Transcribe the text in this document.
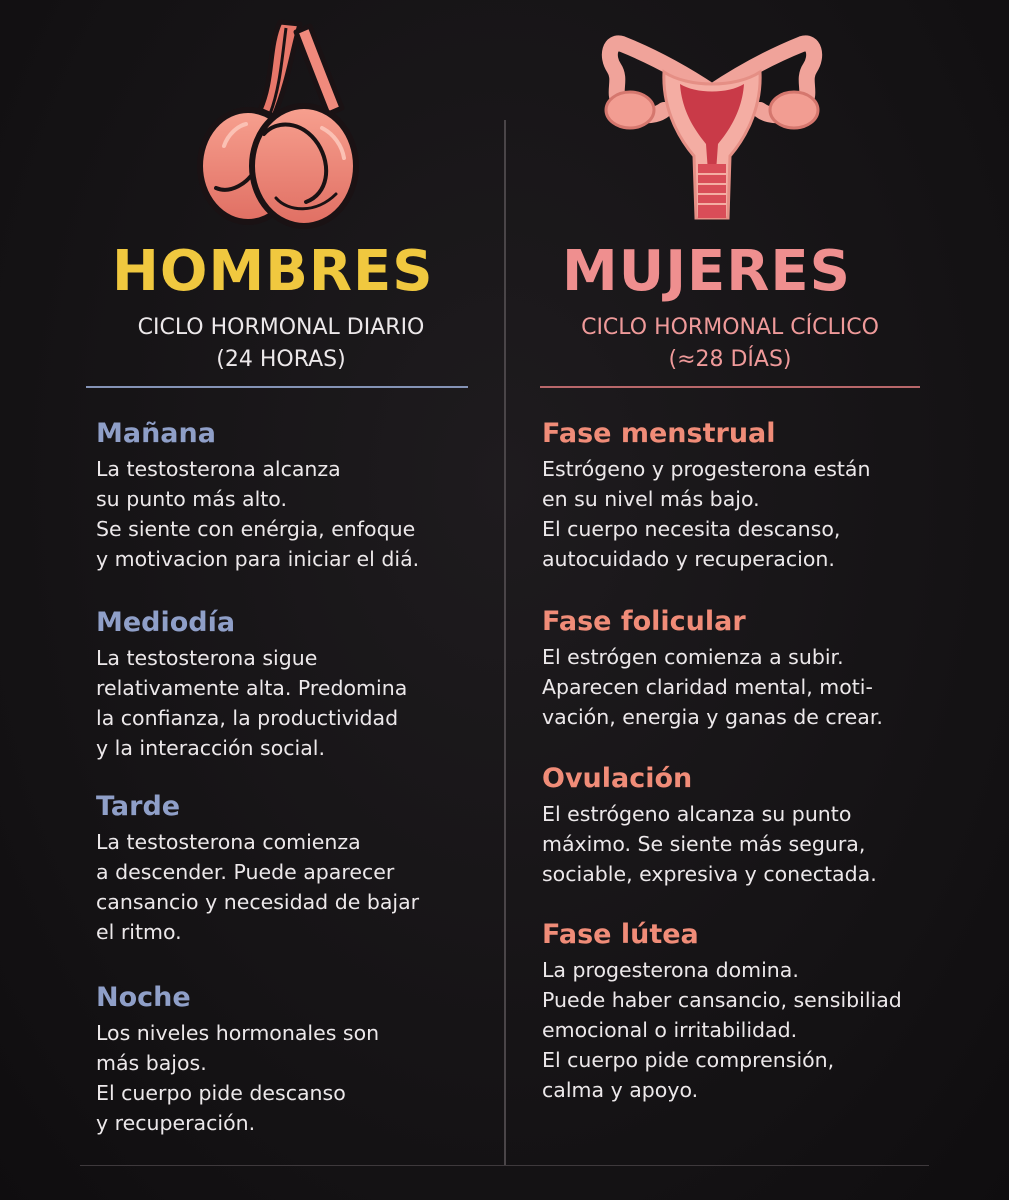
HOMBRES
CICLO HORMONAL DIARIO
(24 HORAS)
Mañana
La testosterona alcanza
su punto más alto.
Se siente con enérgia, enfoque
y motivacion para iniciar el diá.
Mediodía
La testosterona sigue
relativamente alta. Predomina
la confianza, la productividad
y la interacción social.
Tarde
La testosterona comienza
a descender. Puede aparecer
cansancio y necesidad de bajar
el ritmo.
Noche
Los niveles hormonales son
más bajos.
El cuerpo pide descanso
y recuperación.
MUJERES
CICLO HORMONAL CÍCLICO
(≈28 DÍAS)
Fase menstrual
Estrógeno y progesterona están
en su nivel más bajo.
El cuerpo necesita descanso,
autocuidado y recuperacion.
Fase folicular
El estrógen comienza a subir.
Aparecen claridad mental, moti-
vación, energia y ganas de crear.
Ovulación
El estrógeno alcanza su punto
máximo. Se siente más segura,
sociable, expresiva y conectada.
Fase lútea
La progesterona domina.
Puede haber cansancio, sensibiliad
emocional o irritabilidad.
El cuerpo pide comprensión,
calma y apoyo.
